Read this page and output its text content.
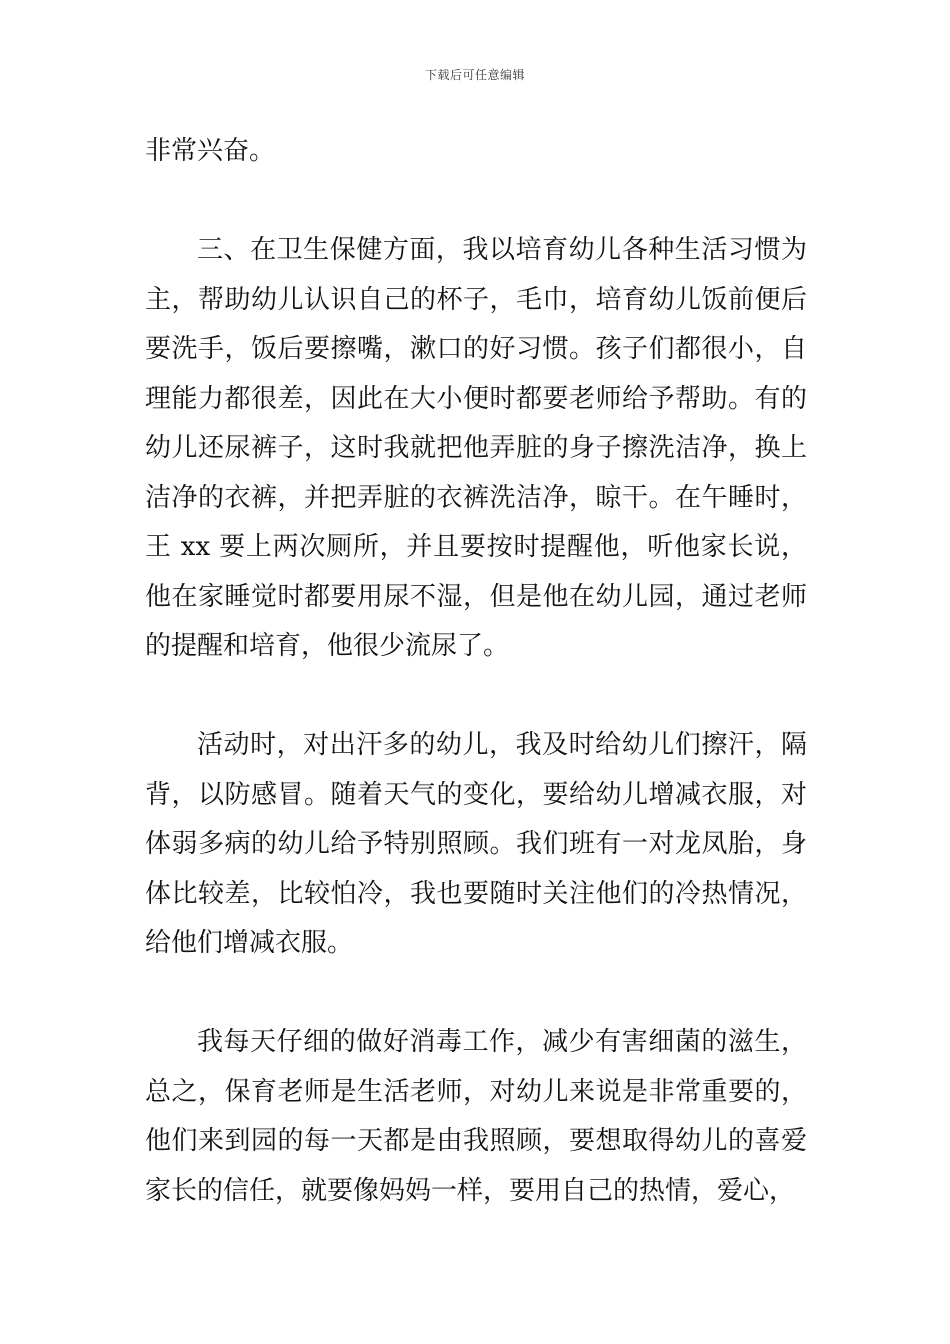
下载后可任意编辑

非常兴奋。

三、在卫生保健方面，我以培育幼儿各种生活习惯为主，帮助幼儿认识自己的杯子，毛巾，培育幼儿饭前便后要洗手，饭后要擦嘴，漱口的好习惯。孩子们都很小，自理能力都很差，因此在大小便时都要老师给予帮助。有的幼儿还尿裤子，这时我就把他弄脏的身子擦洗洁净，换上洁净的衣裤，并把弄脏的衣裤洗洁净，晾干。在午睡时，王 xx 要上两次厕所，并且要按时提醒他，听他家长说，他在家睡觉时都要用尿不湿，但是他在幼儿园，通过老师的提醒和培育，他很少流尿了。

活动时，对出汗多的幼儿，我及时给幼儿们擦汗，隔背，以防感冒。随着天气的变化，要给幼儿增减衣服，对体弱多病的幼儿给予特别照顾。我们班有一对龙凤胎，身体比较差，比较怕冷，我也要随时关注他们的冷热情况，给他们增减衣服。

我每天仔细的做好消毒工作，减少有害细菌的滋生，总之，保育老师是生活老师，对幼儿来说是非常重要的，他们来到园的每一天都是由我照顾，要想取得幼儿的喜爱家长的信任，就要像妈妈一样，要用自己的热情，爱心，
